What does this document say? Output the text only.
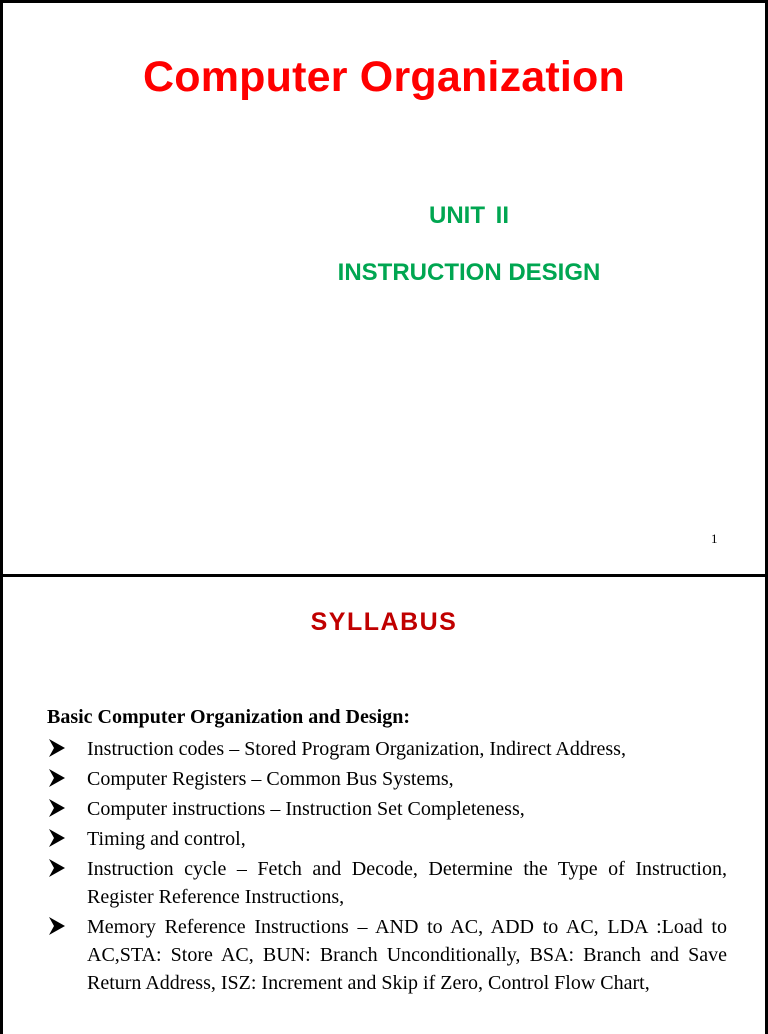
Computer Organization
UNIT II
INSTRUCTION DESIGN
1
SYLLABUS
Basic Computer Organization and Design:
Instruction codes – Stored Program Organization, Indirect Address,
Computer Registers – Common Bus Systems,
Computer instructions – Instruction Set Completeness,
Timing and control,
Instruction cycle – Fetch and Decode, Determine the Type of Instruction, Register Reference Instructions,
Memory Reference Instructions – AND to AC, ADD to AC, LDA :Load to AC,STA: Store AC, BUN: Branch Unconditionally, BSA: Branch and Save Return Address, ISZ: Increment and Skip if Zero, Control Flow Chart,
